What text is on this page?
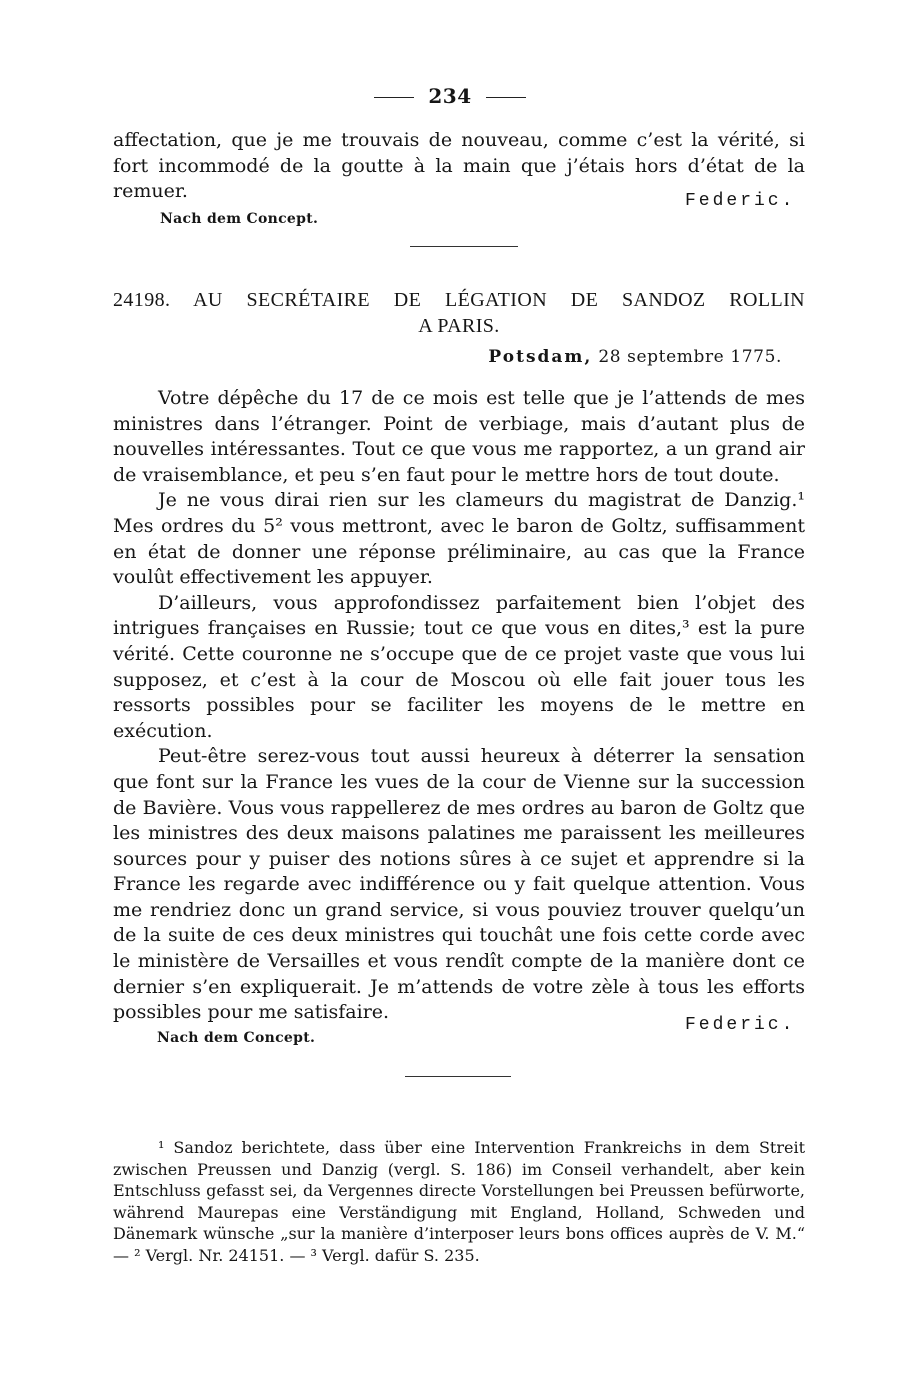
234

affectation, que je me trouvais de nouveau, comme c’est la vérité, si fort incommodé de la goutte à la main que j’étais hors d’état de la remuer.	Federic.
Nach dem Concept.
24198. AU SECRÉTAIRE DE LÉGATION DE SANDOZ ROLLIN
A PARIS.
Potsdam, 28 septembre 1775.

Votre dépêche du 17 de ce mois est telle que je l’attends de mes ministres dans l’étranger. Point de verbiage, mais d’autant plus de nouvelles intéressantes. Tout ce que vous me rapportez, a un grand air de vraisemblance, et peu s’en faut pour le mettre hors de tout doute.

Je ne vous dirai rien sur les clameurs du magistrat de Danzig.¹ Mes ordres du 5² vous mettront, avec le baron de Goltz, suffisamment en état de donner une réponse préliminaire, au cas que la France voulût effectivement les appuyer.

D’ailleurs, vous approfondissez parfaitement bien l’objet des intrigues françaises en Russie; tout ce que vous en dites,³ est la pure vérité. Cette couronne ne s’occupe que de ce projet vaste que vous lui supposez, et c’est à la cour de Moscou où elle fait jouer tous les ressorts possibles pour se faciliter les moyens de le mettre en exécution.

Peut-être serez-vous tout aussi heureux à déterrer la sensation que font sur la France les vues de la cour de Vienne sur la succession de Bavière. Vous vous rappellerez de mes ordres au baron de Goltz que les ministres des deux maisons palatines me paraissent les meilleures sources pour y puiser des notions sûres à ce sujet et apprendre si la France les regarde avec indifférence ou y fait quelque attention. Vous me rendriez donc un grand service, si vous pouviez trouver quelqu’un de la suite de ces deux ministres qui touchât une fois cette corde avec le ministère de Versailles et vous rendît compte de la manière dont ce dernier s’en expliquerait. Je m’attends de votre zèle à tous les efforts possibles pour me satisfaire.

Federic.
Nach dem Concept.

¹ Sandoz berichtete, dass über eine Intervention Frankreichs in dem Streit zwischen Preussen und Danzig (vergl. S. 186) im Conseil verhandelt, aber kein Entschluss gefasst sei, da Vergennes directe Vorstellungen bei Preussen befürworte, während Maurepas eine Verständigung mit England, Holland, Schweden und Dänemark wünsche „sur la manière d’interposer leurs bons offices auprès de V. M.“ — ² Vergl. Nr. 24151. — ³ Vergl. dafür S. 235.
